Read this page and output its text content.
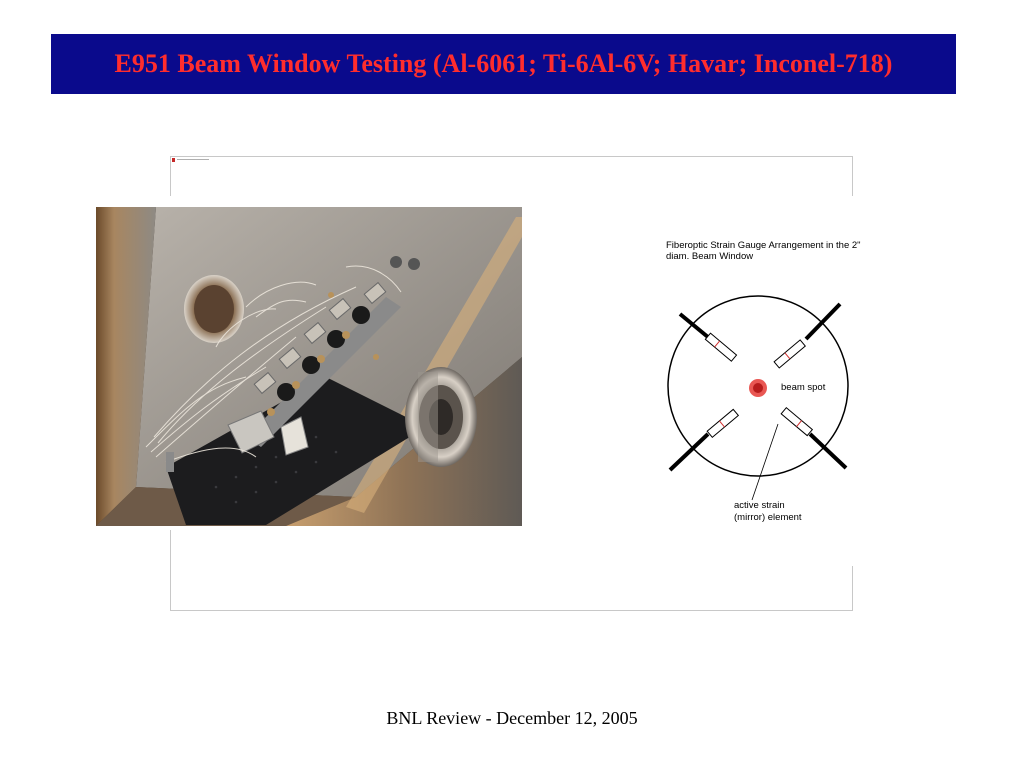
E951 Beam Window Testing (Al-6061; Ti-6Al-6V; Havar; Inconel-718)
Fiberoptic Strain Gauge Arrangement in the 2"
diam. Beam Window
beam spot
active strain
(mirror) element
BNL Review - December 12, 2005
